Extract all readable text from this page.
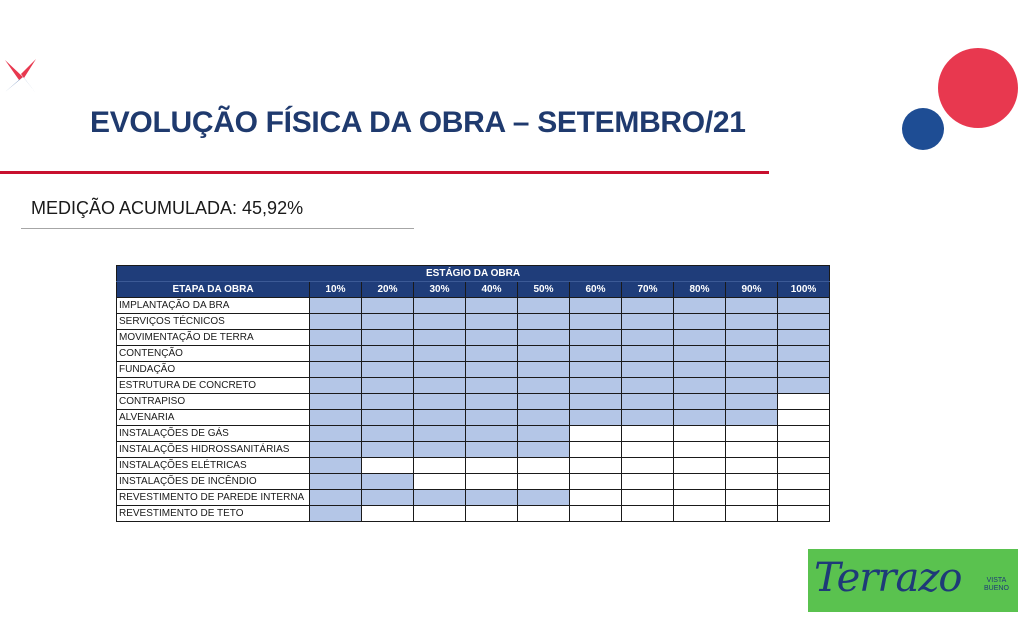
EVOLUÇÃO FÍSICA DA OBRA – SETEMBRO/21
MEDIÇÃO ACUMULADA: 45,92%
ESTÁGIO DA OBRA										
ETAPA DA OBRA	10%	20%	30%	40%	50%	60%	70%	80%	90%	100%
IMPLANTAÇÃO DA BRA										
SERVIÇOS TÉCNICOS										
MOVIMENTAÇÃO DE TERRA										
CONTENÇÃO										
FUNDAÇÃO										
ESTRUTURA DE CONCRETO										
CONTRAPISO										
ALVENARIA										
INSTALAÇÕES DE GÁS										
INSTALAÇÕES HIDROSSANITÁRIAS										
INSTALAÇÕES ELÉTRICAS										
INSTALAÇÕES DE INCÊNDIO										
REVESTIMENTO DE PAREDE INTERNA										
REVESTIMENTO DE TETO										
Terrazo	VISTA
BUENO
